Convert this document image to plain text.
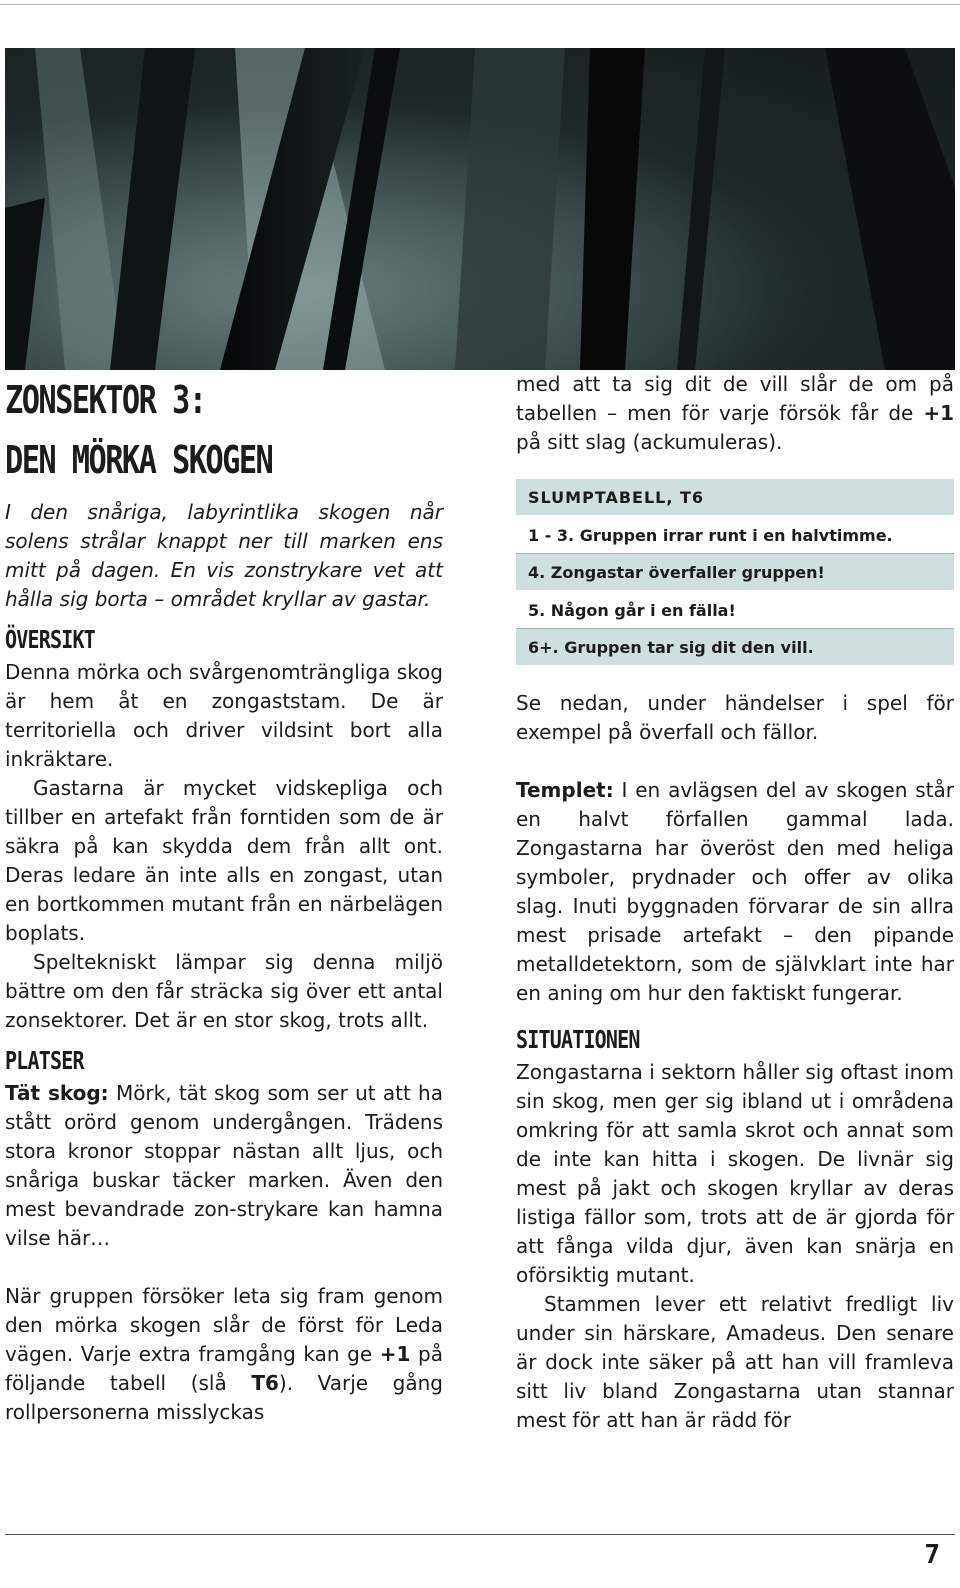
ZONSEKTOR 3:
DEN MÖRKA SKOGEN

I den snåriga, labyrintlika skogen når solens strålar knappt ner till marken ens mitt på dagen. En vis zonstrykare vet att hålla sig borta – området kryllar av gastar.

ÖVERSIKT

Denna mörka och svårgenomträngliga skog är hem åt en zongaststam. De är territoriella och driver vildsint bort alla inkräktare.

Gastarna är mycket vidskepliga och tillber en artefakt från forntiden som de är säkra på kan skydda dem från allt ont. Deras ledare än inte alls en zongast, utan en bortkommen mutant från en närbelägen boplats.

Speltekniskt lämpar sig denna miljö bättre om den får sträcka sig över ett antal zonsektorer. Det är en stor skog, trots allt.

PLATSER

Tät skog: Mörk, tät skog som ser ut att ha stått orörd genom undergången. Trädens stora kronor stoppar nästan allt ljus, och snåriga buskar täcker marken. Även den mest bevandrade zon-strykare kan hamna vilse här…

När gruppen försöker leta sig fram genom den mörka skogen slår de först för Leda vägen. Varje extra framgång kan ge +1 på följande tabell (slå T6). Varje gång rollpersonerna misslyckas

med att ta sig dit de vill slår de om på tabellen – men för varje försök får de +1 på sitt slag (ackumuleras).

SLUMPTABELL, T6
1 - 3. Gruppen irrar runt i en halvtimme.
4. Zongastar överfaller gruppen!
5. Någon går i en fälla!
6+. Gruppen tar sig dit den vill.

Se nedan, under händelser i spel för exempel på överfall och fällor.

Templet: I en avlägsen del av skogen står en halvt förfallen gammal lada. Zongastarna har överöst den med heliga symboler, prydnader och offer av olika slag. Inuti byggnaden förvarar de sin allra mest prisade artefakt – den pipande metalldetektorn, som de självklart inte har en aning om hur den faktiskt fungerar.

SITUATIONEN

Zongastarna i sektorn håller sig oftast inom sin skog, men ger sig ibland ut i områdena omkring för att samla skrot och annat som de inte kan hitta i skogen. De livnär sig mest på jakt och skogen kryllar av deras listiga fällor som, trots att de är gjorda för att fånga vilda djur, även kan snärja en oförsiktig mutant.

Stammen lever ett relativt fredligt liv under sin härskare, Amadeus. Den senare är dock inte säker på att han vill framleva sitt liv bland Zongastarna utan stannar mest för att han är rädd för

7
